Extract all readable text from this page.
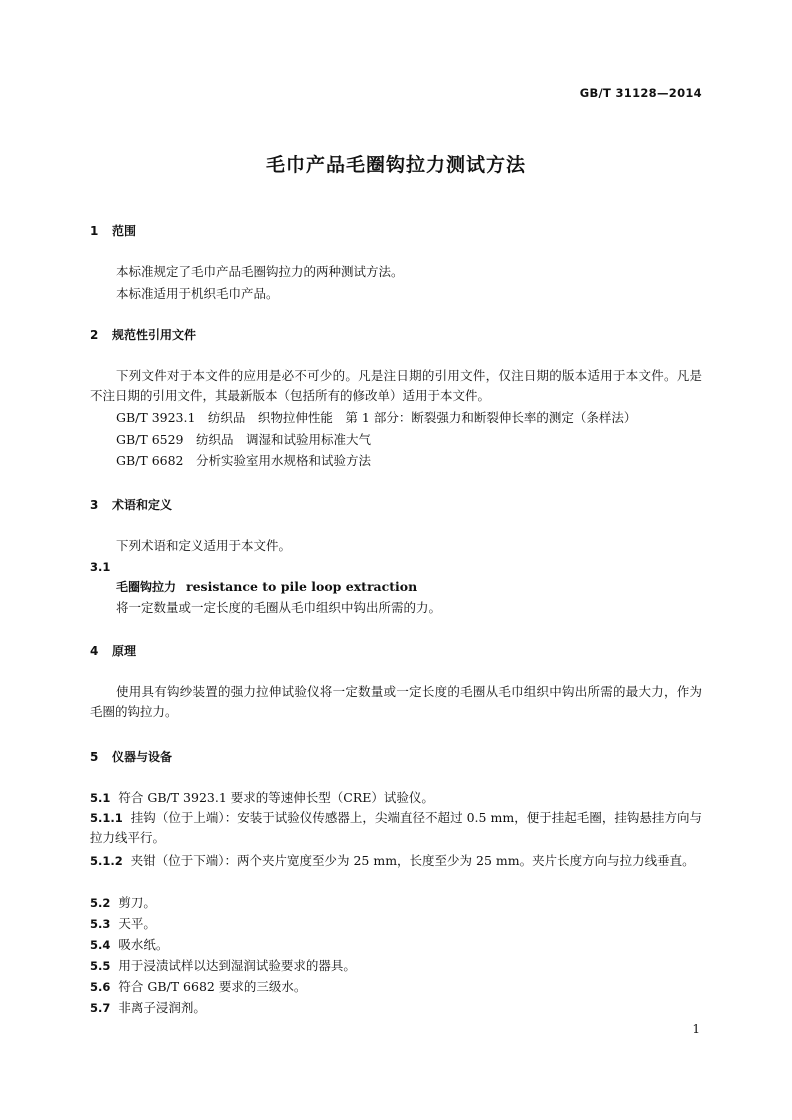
GB/T 31128—2014
毛巾产品毛圈钩拉力测试方法
1 范围
本标准规定了毛巾产品毛圈钩拉力的两种测试方法。
本标准适用于机织毛巾产品。
2 规范性引用文件
下列文件对于本文件的应用是必不可少的。凡是注日期的引用文件，仅注日期的版本适用于本文件。凡是不注日期的引用文件，其最新版本（包括所有的修改单）适用于本文件。
GB/T 3923.1　纺织品　织物拉伸性能　第 1 部分：断裂强力和断裂伸长率的测定（条样法）
GB/T 6529　纺织品　调湿和试验用标准大气
GB/T 6682　分析实验室用水规格和试验方法
3 术语和定义
下列术语和定义适用于本文件。
3.1
毛圈钩拉力 resistance to pile loop extraction
将一定数量或一定长度的毛圈从毛巾组织中钩出所需的力。
4 原理
使用具有钩纱装置的强力拉伸试验仪将一定数量或一定长度的毛圈从毛巾组织中钩出所需的最大力，作为毛圈的钩拉力。
5 仪器与设备
5.1 符合 GB/T 3923.1 要求的等速伸长型（CRE）试验仪。
5.1.1 挂钩（位于上端）：安装于试验仪传感器上，尖端直径不超过 0.5 mm，便于挂起毛圈，挂钩悬挂方向与拉力线平行。
5.1.2 夹钳（位于下端）：两个夹片宽度至少为 25 mm，长度至少为 25 mm。夹片长度方向与拉力线垂直。
5.2 剪刀。
5.3 天平。
5.4 吸水纸。
5.5 用于浸渍试样以达到湿润试验要求的器具。
5.6 符合 GB/T 6682 要求的三级水。
5.7 非离子浸润剂。
1
